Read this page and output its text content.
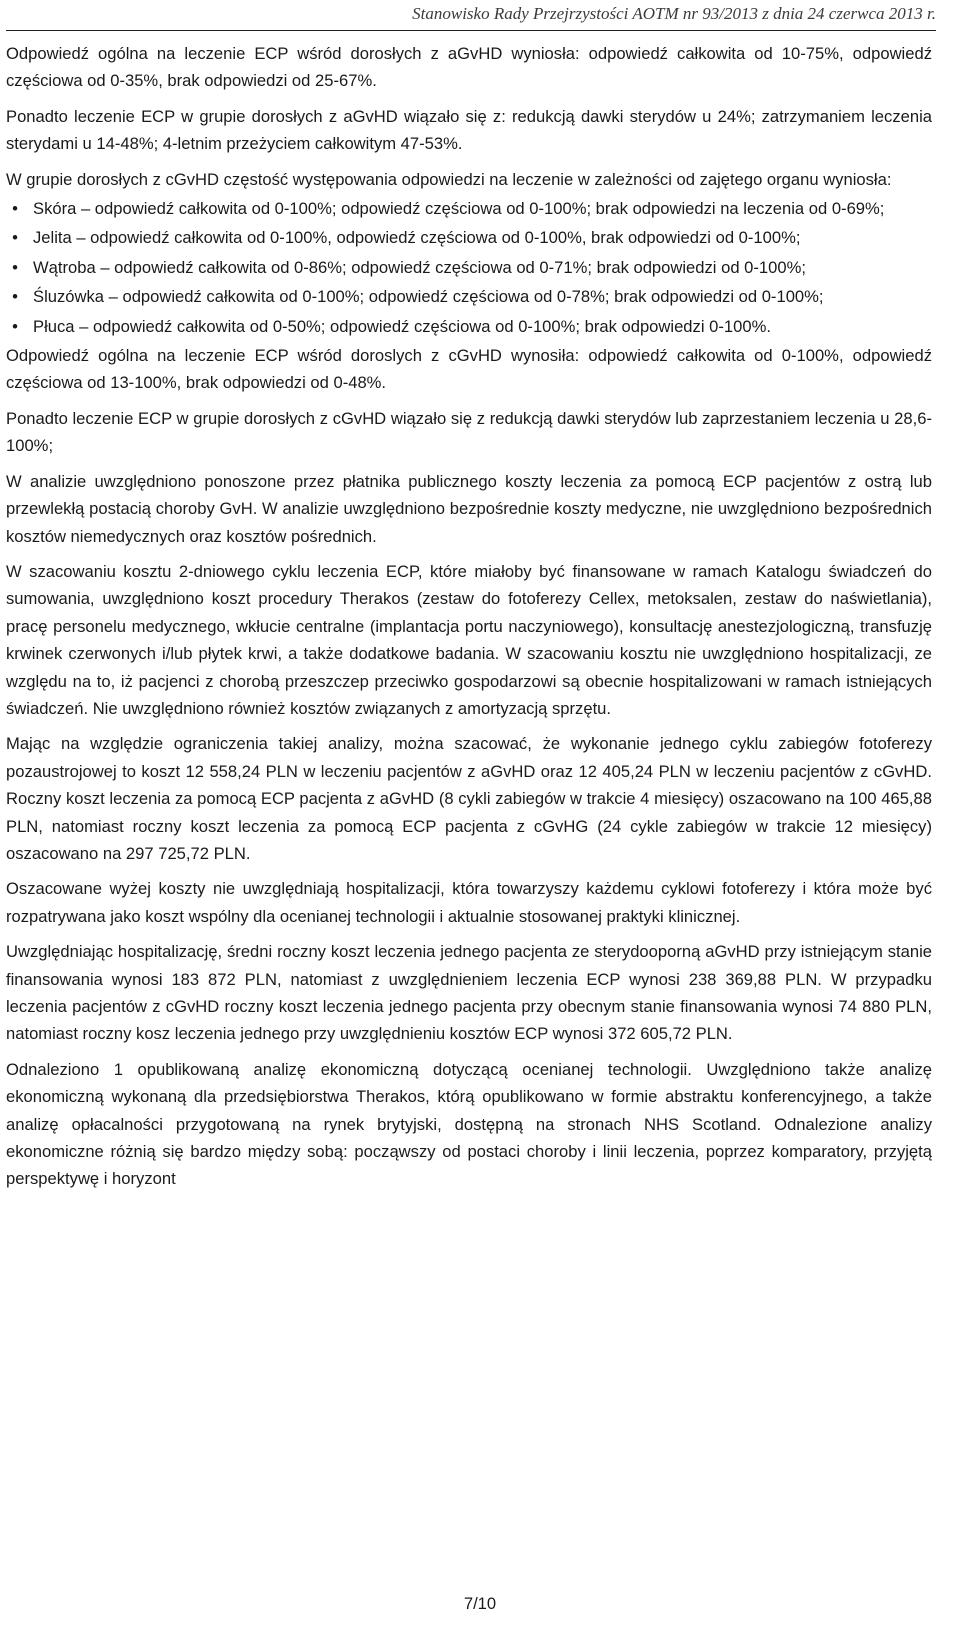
Stanowisko Rady Przejrzystości AOTM nr 93/2013 z dnia 24 czerwca 2013 r.

Odpowiedź ogólna na leczenie ECP wśród dorosłych z aGvHD wyniosła: odpowiedź całkowita od 10-75%, odpowiedź częściowa od 0-35%, brak odpowiedzi od 25-67%.

Ponadto leczenie ECP w grupie dorosłych z aGvHD wiązało się z: redukcją dawki sterydów u 24%; zatrzymaniem leczenia sterydami u 14-48%; 4-letnim przeżyciem całkowitym 47-53%.

W grupie dorosłych z cGvHD częstość występowania odpowiedzi na leczenie w zależności od zajętego organu wyniosła:

• Skóra – odpowiedź całkowita od 0-100%; odpowiedź częściowa od 0-100%; brak odpowiedzi na leczenia od 0-69%;
• Jelita – odpowiedź całkowita od 0-100%, odpowiedź częściowa od 0-100%, brak odpowiedzi od 0-100%;
• Wątroba – odpowiedź całkowita od 0-86%; odpowiedź częściowa od 0-71%; brak odpowiedzi od 0-100%;
• Śluzówka – odpowiedź całkowita od 0-100%; odpowiedź częściowa od 0-78%; brak odpowiedzi od 0-100%;
• Płuca – odpowiedź całkowita od 0-50%; odpowiedź częściowa od 0-100%; brak odpowiedzi 0-100%.

Odpowiedź ogólna na leczenie ECP wśród doroslych z cGvHD wynosiła: odpowiedź całkowita od 0-100%, odpowiedź częściowa od 13-100%, brak odpowiedzi od 0-48%.

Ponadto leczenie ECP w grupie dorosłych z cGvHD wiązało się z redukcją dawki sterydów lub zaprzestaniem leczenia u 28,6-100%;

W analizie uwzględniono ponoszone przez płatnika publicznego koszty leczenia za pomocą ECP pacjentów z ostrą lub przewlekłą postacią choroby GvH. W analizie uwzględniono bezpośrednie koszty medyczne, nie uwzględniono bezpośrednich kosztów niemedycznych oraz kosztów pośrednich.

W szacowaniu kosztu 2-dniowego cyklu leczenia ECP, które miałoby być finansowane w ramach Katalogu świadczeń do sumowania, uwzględniono koszt procedury Therakos (zestaw do fotoferezy Cellex, metoksalen, zestaw do naświetlania), pracę personelu medycznego, wkłucie centralne (implantacja portu naczyniowego), konsultację anestezjologiczną, transfuzję krwinek czerwonych i/lub płytek krwi, a także dodatkowe badania. W szacowaniu kosztu nie uwzględniono hospitalizacji, ze względu na to, iż pacjenci z chorobą przeszczep przeciwko gospodarzowi są obecnie hospitalizowani w ramach istniejących świadczeń. Nie uwzględniono również kosztów związanych z amortyzacją sprzętu.

Mając na względzie ograniczenia takiej analizy, można szacować, że wykonanie jednego cyklu zabiegów fotoferezy pozaustrojowej to koszt 12 558,24 PLN w leczeniu pacjentów z aGvHD oraz 12 405,24 PLN w leczeniu pacjentów z cGvHD. Roczny koszt leczenia za pomocą ECP pacjenta z aGvHD (8 cykli zabiegów w trakcie 4 miesięcy) oszacowano na 100 465,88 PLN, natomiast roczny koszt leczenia za pomocą ECP pacjenta z cGvHG (24 cykle zabiegów w trakcie 12 miesięcy) oszacowano na 297 725,72 PLN.

Oszacowane wyżej koszty nie uwzględniają hospitalizacji, która towarzyszy każdemu cyklowi fotoferezy i która może być rozpatrywana jako koszt wspólny dla ocenianej technologii i aktualnie stosowanej praktyki klinicznej.

Uwzględniając hospitalizację, średni roczny koszt leczenia jednego pacjenta ze sterydooporną aGvHD przy istniejącym stanie finansowania wynosi 183 872 PLN, natomiast z uwzględnieniem leczenia ECP wynosi 238 369,88 PLN. W przypadku leczenia pacjentów z cGvHD roczny koszt leczenia jednego pacjenta przy obecnym stanie finansowania wynosi 74 880 PLN, natomiast roczny kosz leczenia jednego przy uwzględnieniu kosztów ECP wynosi 372 605,72 PLN.

Odnaleziono 1 opublikowaną analizę ekonomiczną dotyczącą ocenianej technologii. Uwzględniono także analizę ekonomiczną wykonaną dla przedsiębiorstwa Therakos, którą opublikowano w formie abstraktu konferencyjnego, a także analizę opłacalności przygotowaną na rynek brytyjski, dostępną na stronach NHS Scotland. Odnalezione analizy ekonomiczne różnią się bardzo między sobą: począwszy od postaci choroby i linii leczenia, poprzez komparatory, przyjętą perspektywę i horyzont

7/10
